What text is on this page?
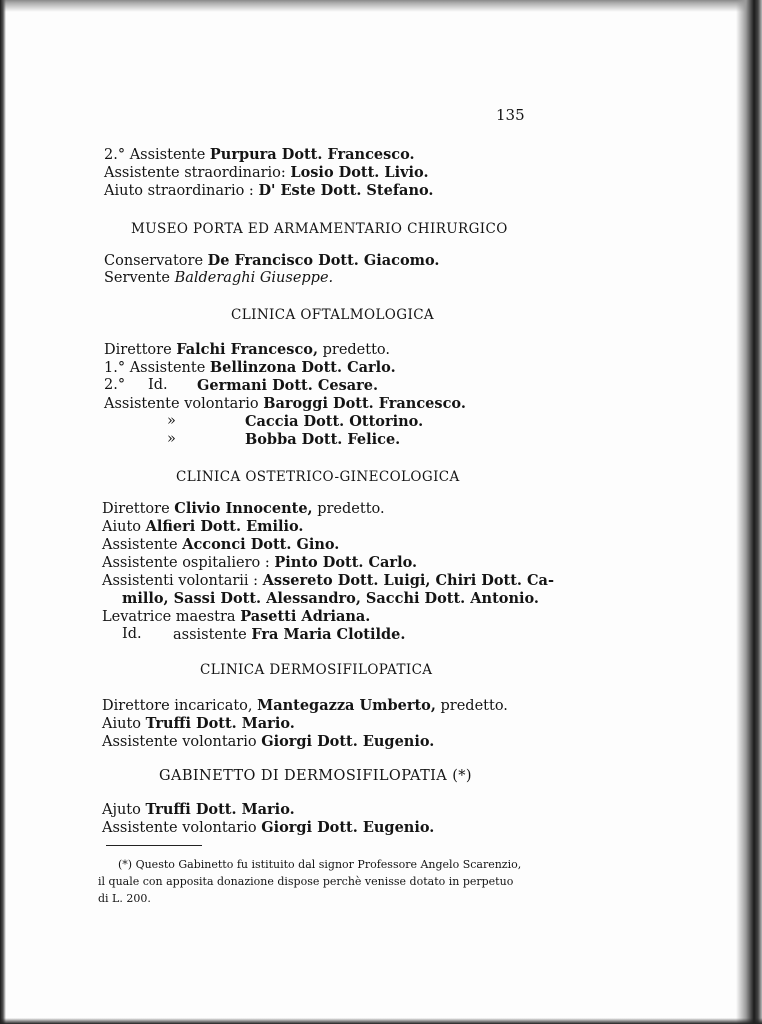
135
2.° Assistente Purpura Dott. Francesco.
Assistente straordinario: Losio Dott. Livio.
Aiuto straordinario : D' Este Dott. Stefano.
MUSEO PORTA ED ARMAMENTARIO CHIRURGICO
Conservatore De Francisco Dott. Giacomo.
Servente Balderaghi Giuseppe.
CLINICA OFTALMOLOGICA
Direttore Falchi Francesco, predetto.
1.° Assistente Bellinzona Dott. Carlo.
2.° Id. Germani Dott. Cesare.
Assistente volontario Baroggi Dott. Francesco.
»	Caccia Dott. Ottorino.
»	Bobba Dott. Felice.
CLINICA OSTETRICO-GINECOLOGICA
Direttore Clivio Innocente, predetto.
Aiuto Alfieri Dott. Emilio.
Assistente Acconci Dott. Gino.
Assistente ospitaliero : Pinto Dott. Carlo.
Assistenti volontarii : Assereto Dott. Luigi, Chiri Dott. Ca-
millo, Sassi Dott. Alessandro, Sacchi Dott. Antonio.
Levatrice maestra Pasetti Adriana.
Id. assistente Fra Maria Clotilde.
CLINICA DERMOSIFILOPATICA
Direttore incaricato, Mantegazza Umberto, predetto.
Aiuto Truffi Dott. Mario.
Assistente volontario Giorgi Dott. Eugenio.
GABINETTO DI DERMOSIFILOPATIA (*)
Ajuto Truffi Dott. Mario.
Assistente volontario Giorgi Dott. Eugenio.
(*) Questo Gabinetto fu istituito dal signor Professore Angelo Scarenzio,
il quale con apposita donazione dispose perchè venisse dotato in perpetuo
di L. 200.
